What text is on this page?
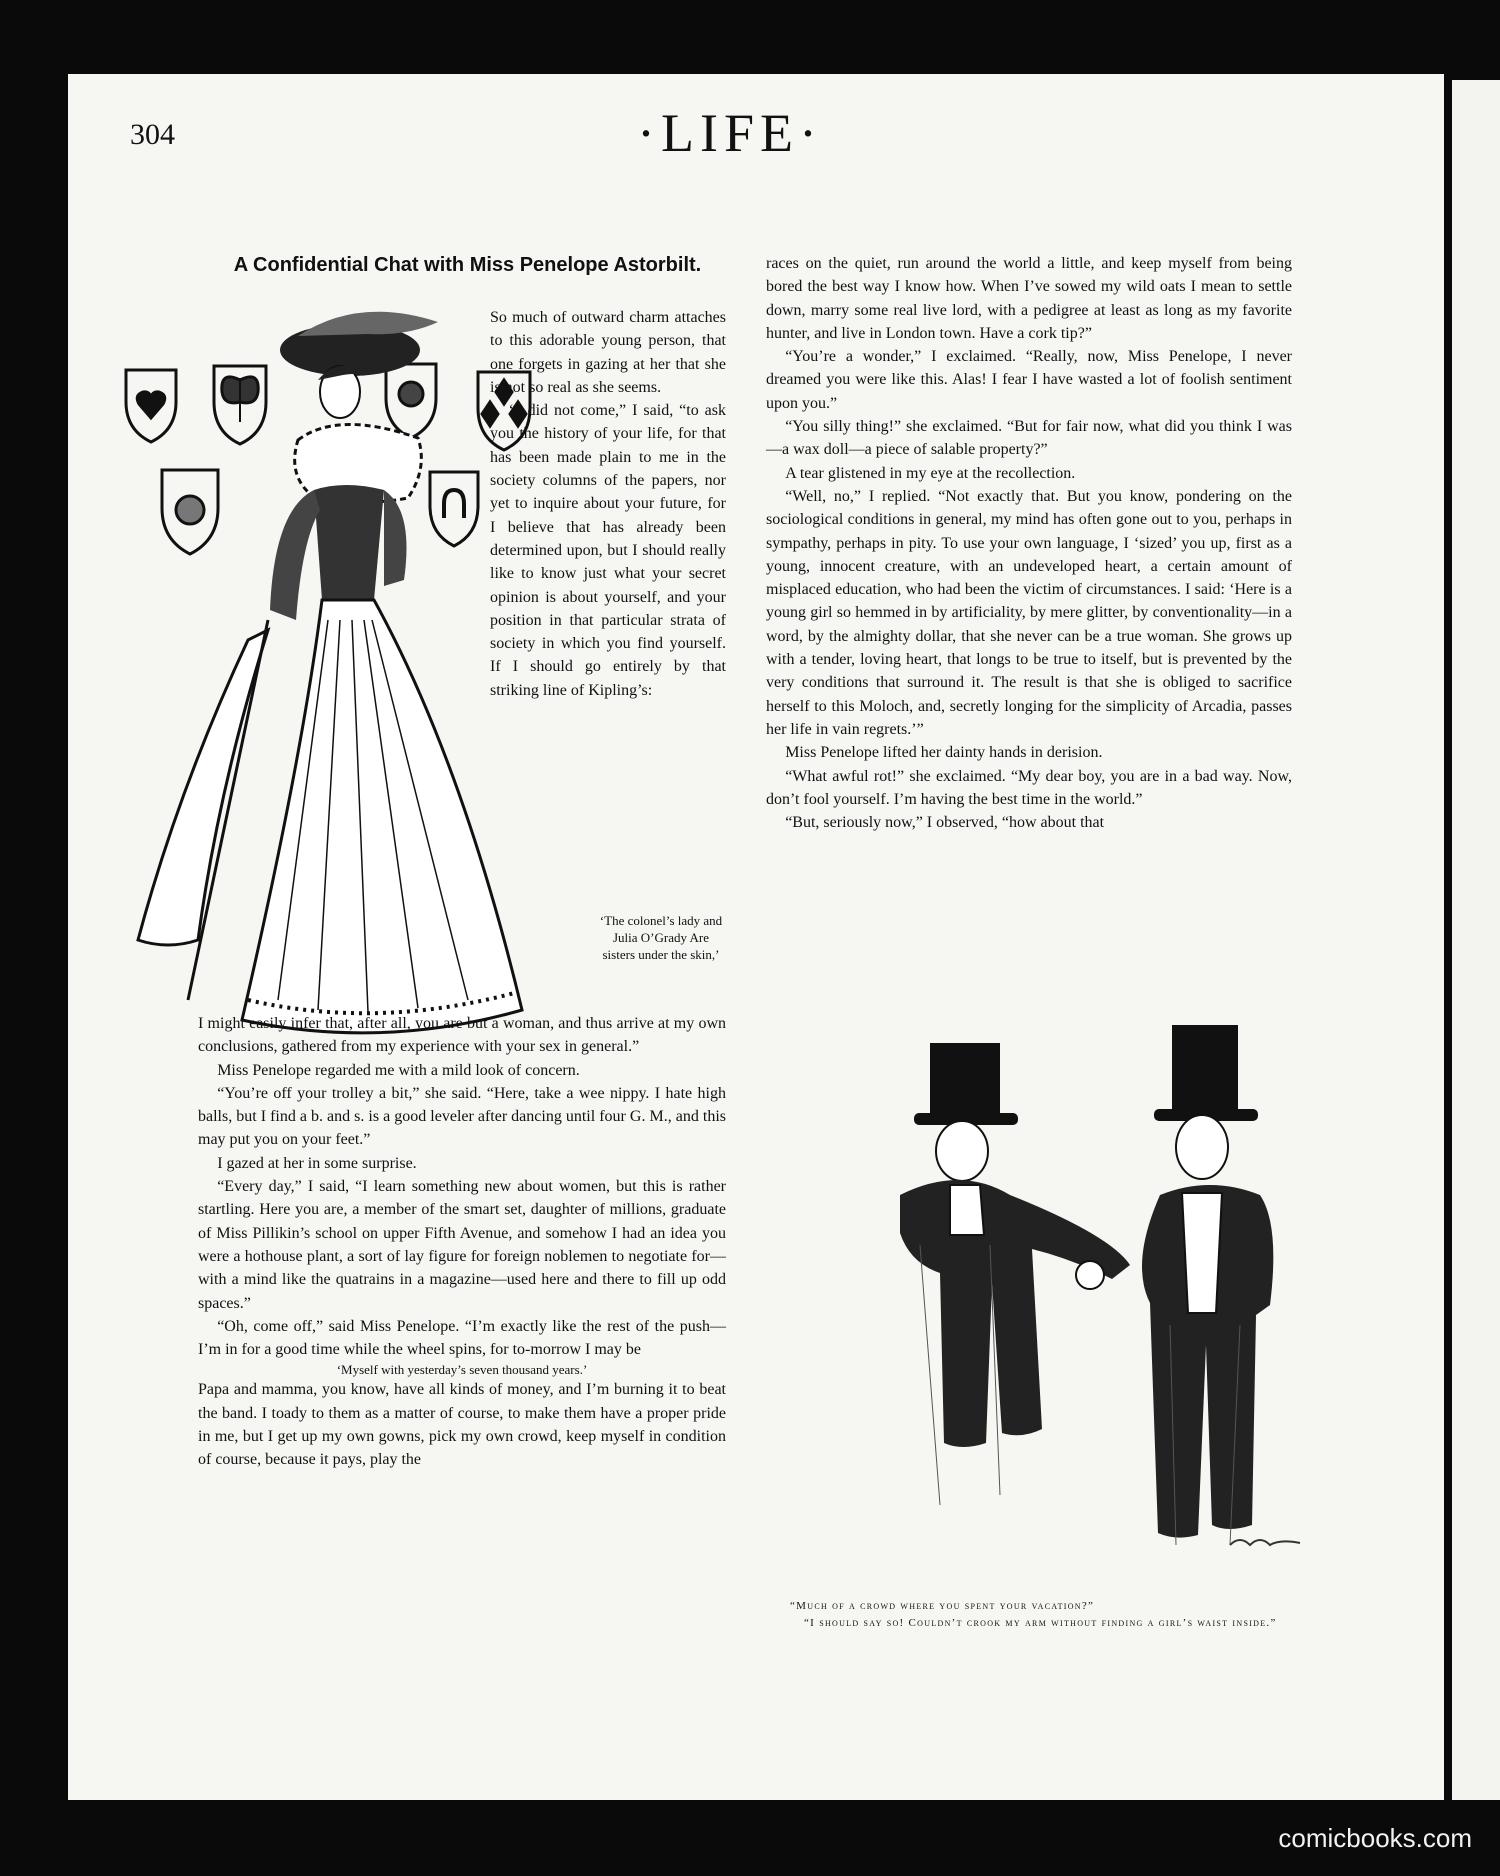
304	·LIFE·
A Confidential Chat with Miss Penelope Astorbilt.

So much of outward charm attaches to this adorable young person, that one forgets in gazing at her that she is not so real as she seems.

“I did not come,” I said, “to ask you the history of your life, for that has been made plain to me in the society columns of the papers, nor yet to inquire about your future, for I believe that has already been determined upon, but I should really like to know just what your secret opinion is about yourself, and your position in that particular strata of society in which you find yourself. If I should go entirely by that striking line of Kipling’s:

‘The colonel’s lady and Julia O’Grady Are sisters under the skin,’

I might easily infer that, after all, you are but a woman, and thus arrive at my own conclusions, gathered from my experience with your sex in general.”

Miss Penelope regarded me with a mild look of concern.

“You’re off your trolley a bit,” she said. “Here, take a wee nippy. I hate high balls, but I find a b. and s. is a good leveler after dancing until four G. M., and this may put you on your feet.”

I gazed at her in some surprise.

“Every day,” I said, “I learn something new about women, but this is rather startling. Here you are, a member of the smart set, daughter of millions, graduate of Miss Pillikin’s school on upper Fifth Avenue, and somehow I had an idea you were a hothouse plant, a sort of lay figure for foreign noblemen to negotiate for—with a mind like the quatrains in a magazine—used here and there to fill up odd spaces.”

“Oh, come off,” said Miss Penelope. “I’m exactly like the rest of the push—I’m in for a good time while the wheel spins, for to-morrow I may be

‘Myself with yesterday’s seven thousand years.’

Papa and mamma, you know, have all kinds of money, and I’m burning it to beat the band. I toady to them as a matter of course, to make them have a proper pride in me, but I get up my own gowns, pick my own crowd, keep myself in condition of course, because it pays, play the

races on the quiet, run around the world a little, and keep myself from being bored the best way I know how. When I’ve sowed my wild oats I mean to settle down, marry some real live lord, with a pedigree at least as long as my favorite hunter, and live in London town. Have a cork tip?”

“You’re a wonder,” I exclaimed. “Really, now, Miss Penelope, I never dreamed you were like this. Alas! I fear I have wasted a lot of foolish sentiment upon you.”

“You silly thing!” she exclaimed. “But for fair now, what did you think I was—a wax doll—a piece of salable property?”

A tear glistened in my eye at the recollection.

“Well, no,” I replied. “Not exactly that. But you know, pondering on the sociological conditions in general, my mind has often gone out to you, perhaps in sympathy, perhaps in pity. To use your own language, I ‘sized’ you up, first as a young, innocent creature, with an undeveloped heart, a certain amount of misplaced education, who had been the victim of circumstances. I said: ‘Here is a young girl so hemmed in by artificiality, by mere glitter, by conventionality—in a word, by the almighty dollar, that she never can be a true woman. She grows up with a tender, loving heart, that longs to be true to itself, but is prevented by the very conditions that surround it. The result is that she is obliged to sacrifice herself to this Moloch, and, secretly longing for the simplicity of Arcadia, passes her life in vain regrets.’”

Miss Penelope lifted her dainty hands in derision.

“What awful rot!” she exclaimed. “My dear boy, you are in a bad way. Now, don’t fool yourself. I’m having the best time in the world.”

“But, seriously now,” I observed, “how about that

“Much of a crowd where you spent your vacation?”
“I should say so! Couldn’t crook my arm without finding a girl’s waist inside.”
comicbooks.com
